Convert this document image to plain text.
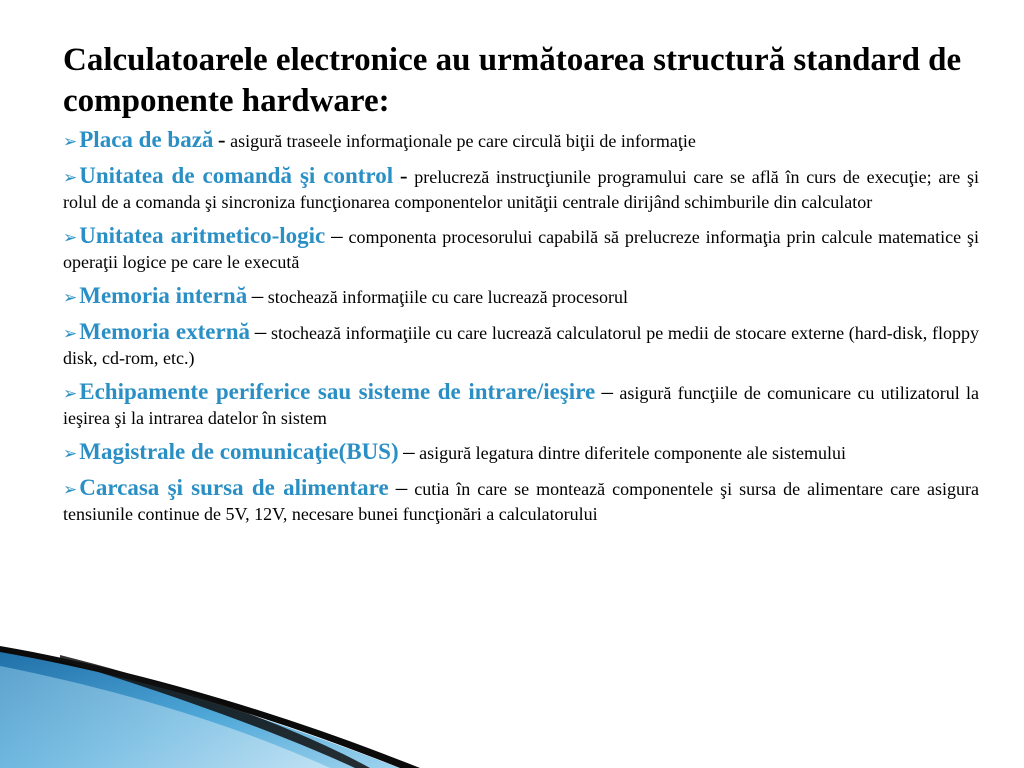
Calculatoarele electronice au următoarea structură standard de componente hardware:

➢Placa de bază - asigură traseele informaţionale pe care circulă biţii de informaţie

➢Unitatea de comandă şi control - prelucreză instrucţiunile programului care se află în curs de execuţie; are şi rolul de a comanda şi sincroniza funcţionarea componentelor unităţii centrale dirijând schimburile din calculator

➢Unitatea aritmetico-logic – componenta procesorului capabilă să prelucreze informaţia prin calcule matematice şi operaţii logice pe care le execută

➢Memoria internă – stochează informaţiile cu care lucrează procesorul

➢Memoria externă – stochează informaţiile cu care lucrează calculatorul pe medii de stocare externe (hard-disk, floppy disk, cd-rom, etc.)

➢Echipamente periferice sau sisteme de intrare/ieşire – asigură funcţiile de comunicare cu utilizatorul la ieşirea şi la intrarea datelor în sistem

➢Magistrale de comunicaţie(BUS) – asigură legatura dintre diferitele componente ale sistemului

➢Carcasa şi sursa de alimentare – cutia în care se montează componentele şi sursa de alimentare care asigura tensiunile continue de 5V, 12V, necesare bunei funcţionări a calculatorului
